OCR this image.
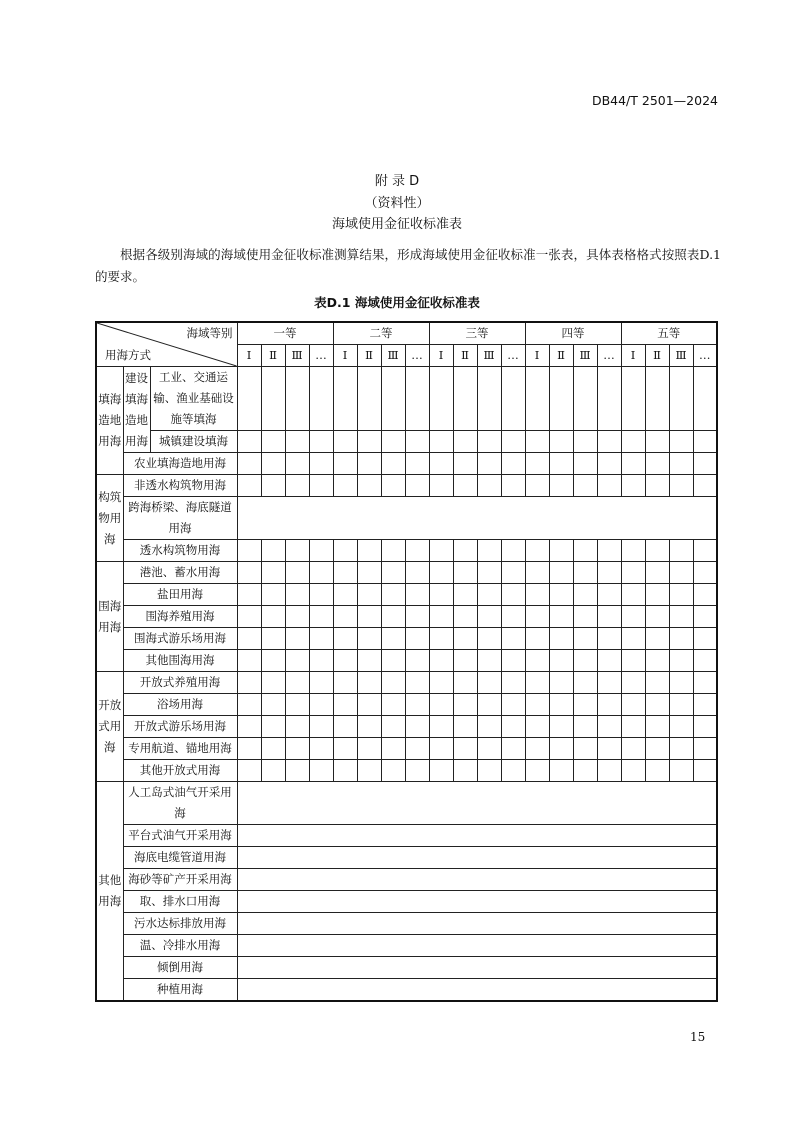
DB44/T 2501—2024
附 录 D
（资料性）
海域使用金征收标准表
根据各级别海域的海域使用金征收标准测算结果，形成海域使用金征收标准一张表，具体表格格式按照表D.1的要求。
表D.1 海域使用金征收标准表
海域等别
用海方式			一等				二等				三等				四等				五等			
			Ⅰ	Ⅱ	Ⅲ	…	Ⅰ	Ⅱ	Ⅲ	…	Ⅰ	Ⅱ	Ⅲ	…	Ⅰ	Ⅱ	Ⅲ	…	Ⅰ	Ⅱ	Ⅲ	…
填海造地用海	建设填海造地用海	工业、交通运输、渔业基础设施等填海																				
		城镇建设填海																				
	农业填海造地用海																					
构筑物用海	非透水构筑物用海																					
	跨海桥梁、海底隧道用海																					
	透水构筑物用海																					
围海用海	港池、蓄水用海																					
	盐田用海																					
	围海养殖用海																					
	围海式游乐场用海																					
	其他围海用海																					
开放式用海	开放式养殖用海																					
	浴场用海																					
	开放式游乐场用海																					
	专用航道、锚地用海																					
	其他开放式用海																					
其他用海	人工岛式油气开采用海																					
	平台式油气开采用海																					
	海底电缆管道用海																					
	海砂等矿产开采用海																					
	取、排水口用海																					
	污水达标排放用海																					
	温、冷排水用海																					
	倾倒用海																					
	种植用海																					
15
